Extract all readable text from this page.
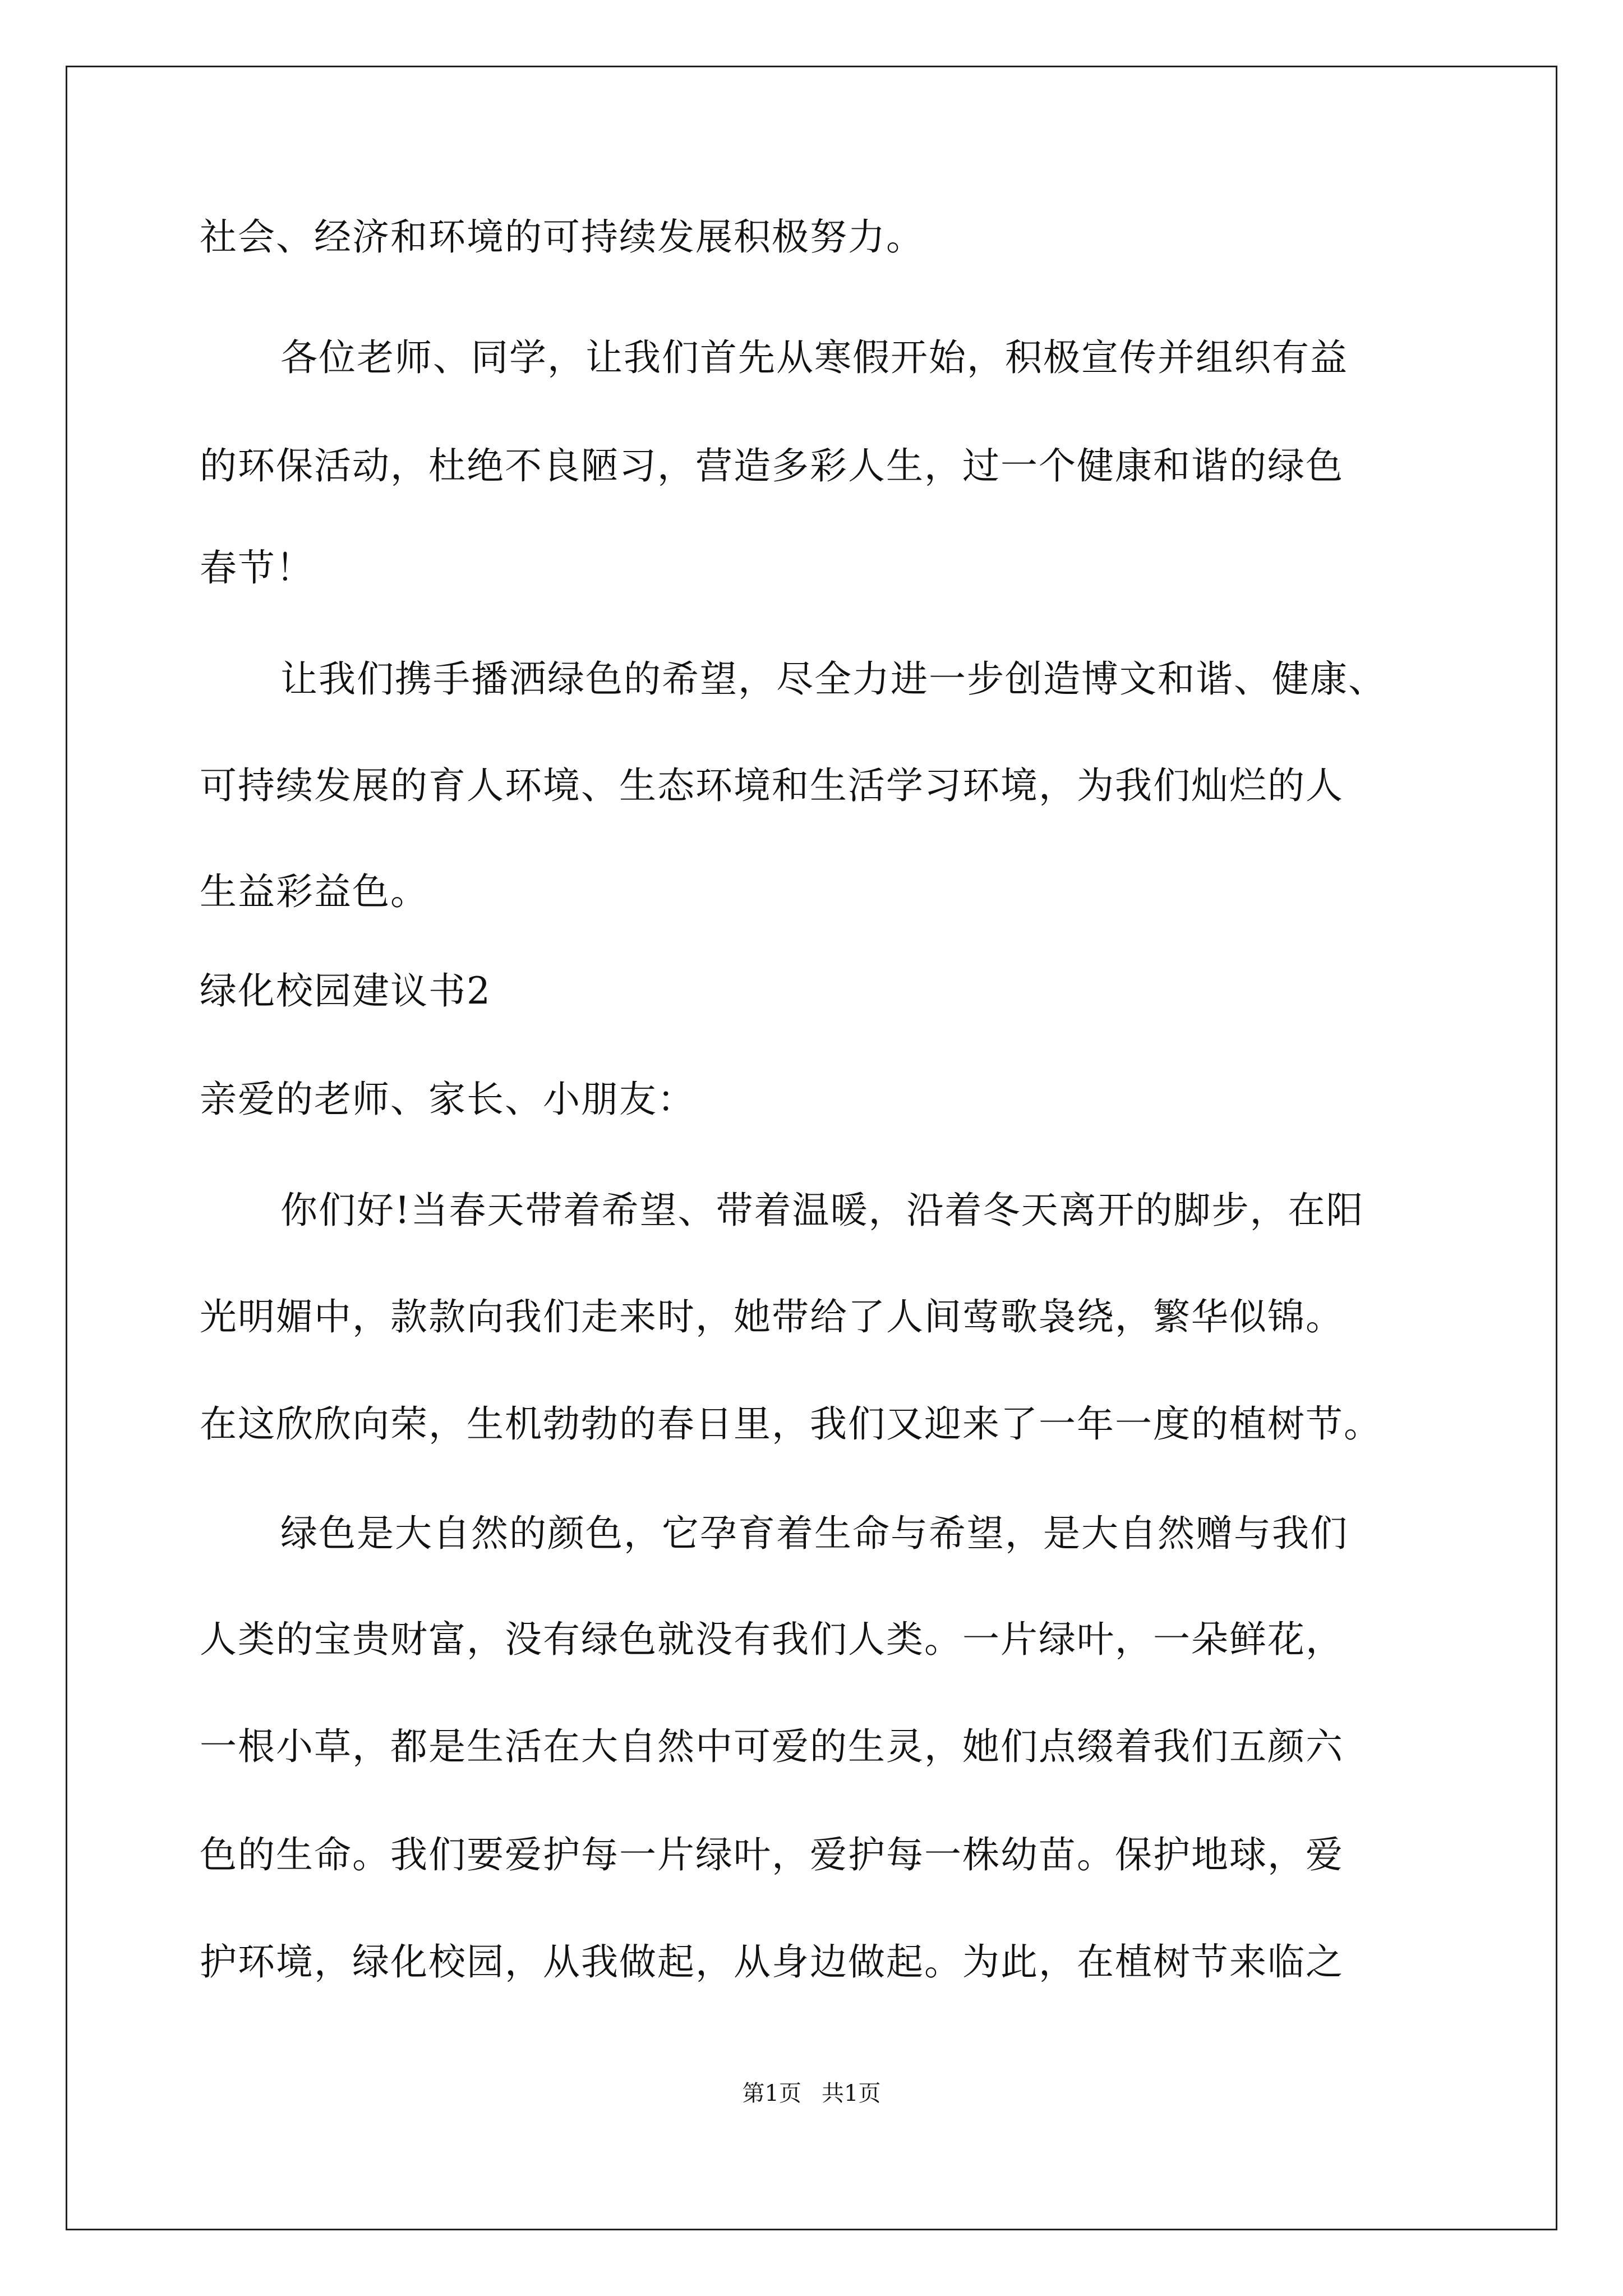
社会、经济和环境的可持续发展积极努力。
各位老师、同学，让我们首先从寒假开始，积极宣传并组织有益
的环保活动，杜绝不良陋习，营造多彩人生，过一个健康和谐的绿色
春节！
让我们携手播洒绿色的希望，尽全力进一步创造博文和谐、健康、
可持续发展的育人环境、生态环境和生活学习环境，为我们灿烂的人
生益彩益色。
绿化校园建议书2
亲爱的老师、家长、小朋友：
你们好!当春天带着希望、带着温暖，沿着冬天离开的脚步，在阳
光明媚中，款款向我们走来时，她带给了人间莺歌袅绕，繁华似锦。
在这欣欣向荣，生机勃勃的春日里，我们又迎来了一年一度的植树节。
绿色是大自然的颜色，它孕育着生命与希望，是大自然赠与我们
人类的宝贵财富，没有绿色就没有我们人类。一片绿叶，一朵鲜花，
一根小草，都是生活在大自然中可爱的生灵，她们点缀着我们五颜六
色的生命。我们要爱护每一片绿叶，爱护每一株幼苗。保护地球，爱
护环境，绿化校园，从我做起，从身边做起。为此，在植树节来临之
第1页 共1页
